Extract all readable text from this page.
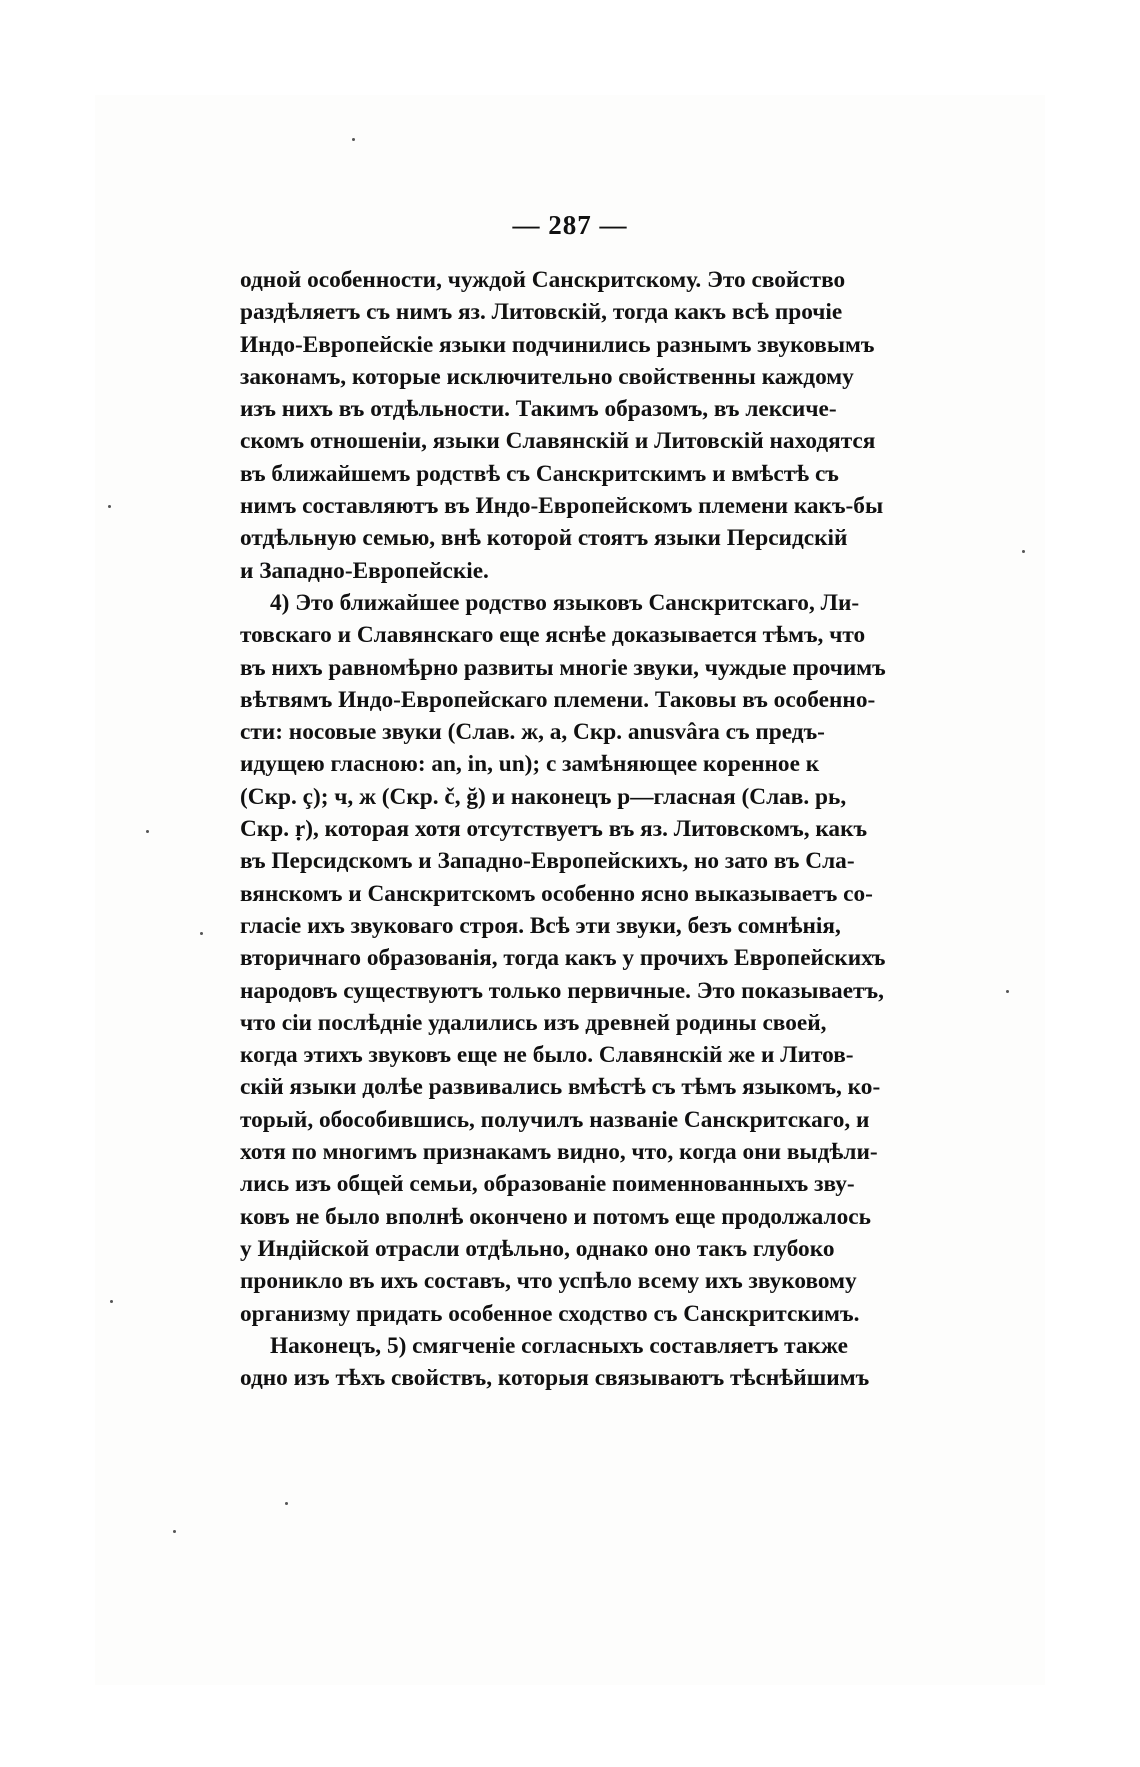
— 287 —
одной особенности, чуждой Санскритскому. Это свойство
раздѣляетъ съ нимъ яз. Литовскій, тогда какъ всѣ прочіе
Индо-Европейскіе языки подчинились разнымъ звуковымъ
законамъ, которые исключительно свойственны каждому
изъ нихъ въ отдѣльности. Такимъ образомъ, въ лексиче-
скомъ отношеніи, языки Славянскій и Литовскій находятся
въ ближайшемъ родствѣ съ Санскритскимъ и вмѣстѣ съ
нимъ составляютъ въ Индо-Европейскомъ племени какъ-бы
отдѣльную семью, внѣ которой стоятъ языки Персидскій
и Западно-Европейскіе.
4) Это ближайшее родство языковъ Санскритскаго, Ли-
товскаго и Славянскаго еще яснѣе доказывается тѣмъ, что
въ нихъ равномѣрно развиты многіе звуки, чуждые прочимъ
вѣтвямъ Индо-Европейскаго племени. Таковы въ особенно-
сти: носовые звуки (Слав. ж, а, Скр. anusvâra съ предъ-
идущею гласною: an, in, un); с замѣняющее коренное к
(Скр. ç); ч, ж (Скр. č, ğ) и наконецъ р—гласная (Слав. рь,
Скр. ṛ), которая хотя отсутствуетъ въ яз. Литовскомъ, какъ
въ Персидскомъ и Западно-Европейскихъ, но зато въ Сла-
вянскомъ и Санскритскомъ особенно ясно выказываетъ со-
гласіе ихъ звуковаго строя. Всѣ эти звуки, безъ сомнѣнія,
вторичнаго образованія, тогда какъ у прочихъ Европейскихъ
народовъ существуютъ только первичные. Это показываетъ,
что сіи послѣдніе удалились изъ древней родины своей,
когда этихъ звуковъ еще не было. Славянскій же и Литов-
скій языки долѣе развивались вмѣстѣ съ тѣмъ языкомъ, ко-
торый, обособившись, получилъ названіе Санскритскаго, и
хотя по многимъ признакамъ видно, что, когда они выдѣли-
лись изъ общей семьи, образованіе поименнованныхъ зву-
ковъ не было вполнѣ окончено и потомъ еще продолжалось
у Индійской отрасли отдѣльно, однако оно такъ глубоко
проникло въ ихъ составъ, что успѣло всему ихъ звуковому
организму придать особенное сходство съ Санскритскимъ.
Наконецъ, 5) смягченіе согласныхъ составляетъ также
одно изъ тѣхъ свойствъ, которыя связываютъ тѣснѣйшимъ
